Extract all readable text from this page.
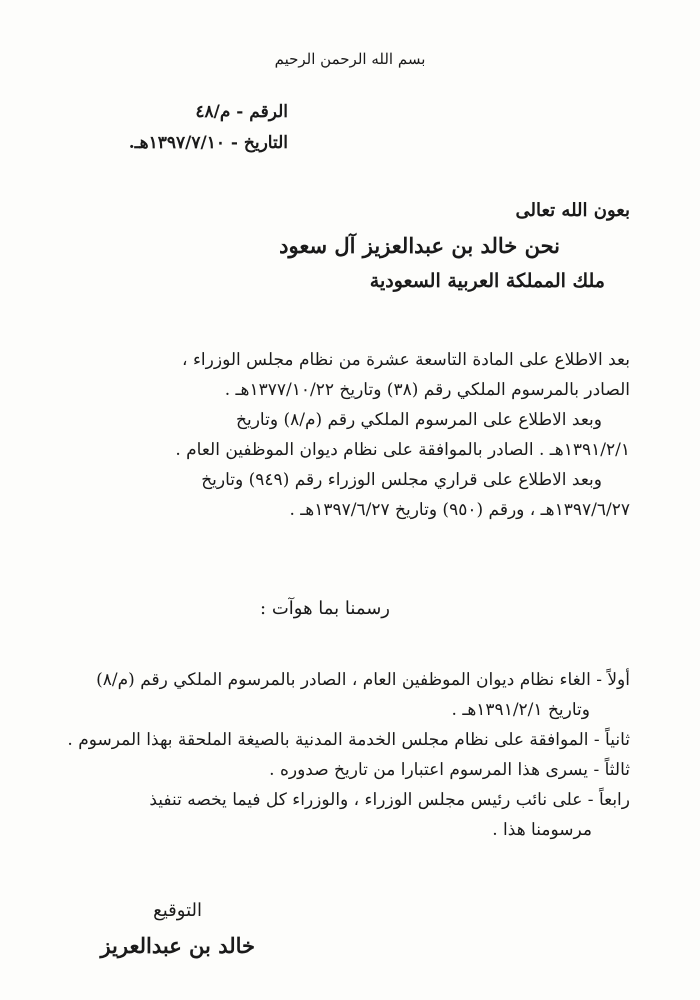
بسم الله الرحمن الرحيم
الرقم - م/٤٨
التاريخ - ١٣٩٧/٧/١٠هـ.
بعون الله تعالى
نحن خالد بن عبدالعزيز آل سعود
ملك المملكة العربية السعودية
بعد الاطلاع على المادة التاسعة عشرة من نظام مجلس الوزراء ،
الصادر بالمرسوم الملكي رقم (٣٨) وتاريخ ١٣٧٧/١٠/٢٢هـ .
وبعد الاطلاع على المرسوم الملكي رقم (م/٨) وتاريخ
١٣٩١/٢/١هـ . الصادر بالموافقة على نظام ديوان الموظفين العام .
وبعد الاطلاع على قراري مجلس الوزراء رقم (٩٤٩) وتاريخ
١٣٩٧/٦/٢٧هـ ، ورقم (٩٥٠) وتاريخ ١٣٩٧/٦/٢٧هـ .
رسمنا بما هوآت :
أولاً - الغاء نظام ديوان الموظفين العام ، الصادر بالمرسوم الملكي رقم (م/٨)
وتاريخ ١٣٩١/٢/١هـ .
ثانياً - الموافقة على نظام مجلس الخدمة المدنية بالصيغة الملحقة بهذا المرسوم .
ثالثاً - يسرى هذا المرسوم اعتبارا من تاريخ صدوره .
رابعاً - على نائب رئيس مجلس الوزراء ، والوزراء كل فيما يخصه تنفيذ
مرسومنا هذا .
التوقيع
خالد بن عبدالعريز
